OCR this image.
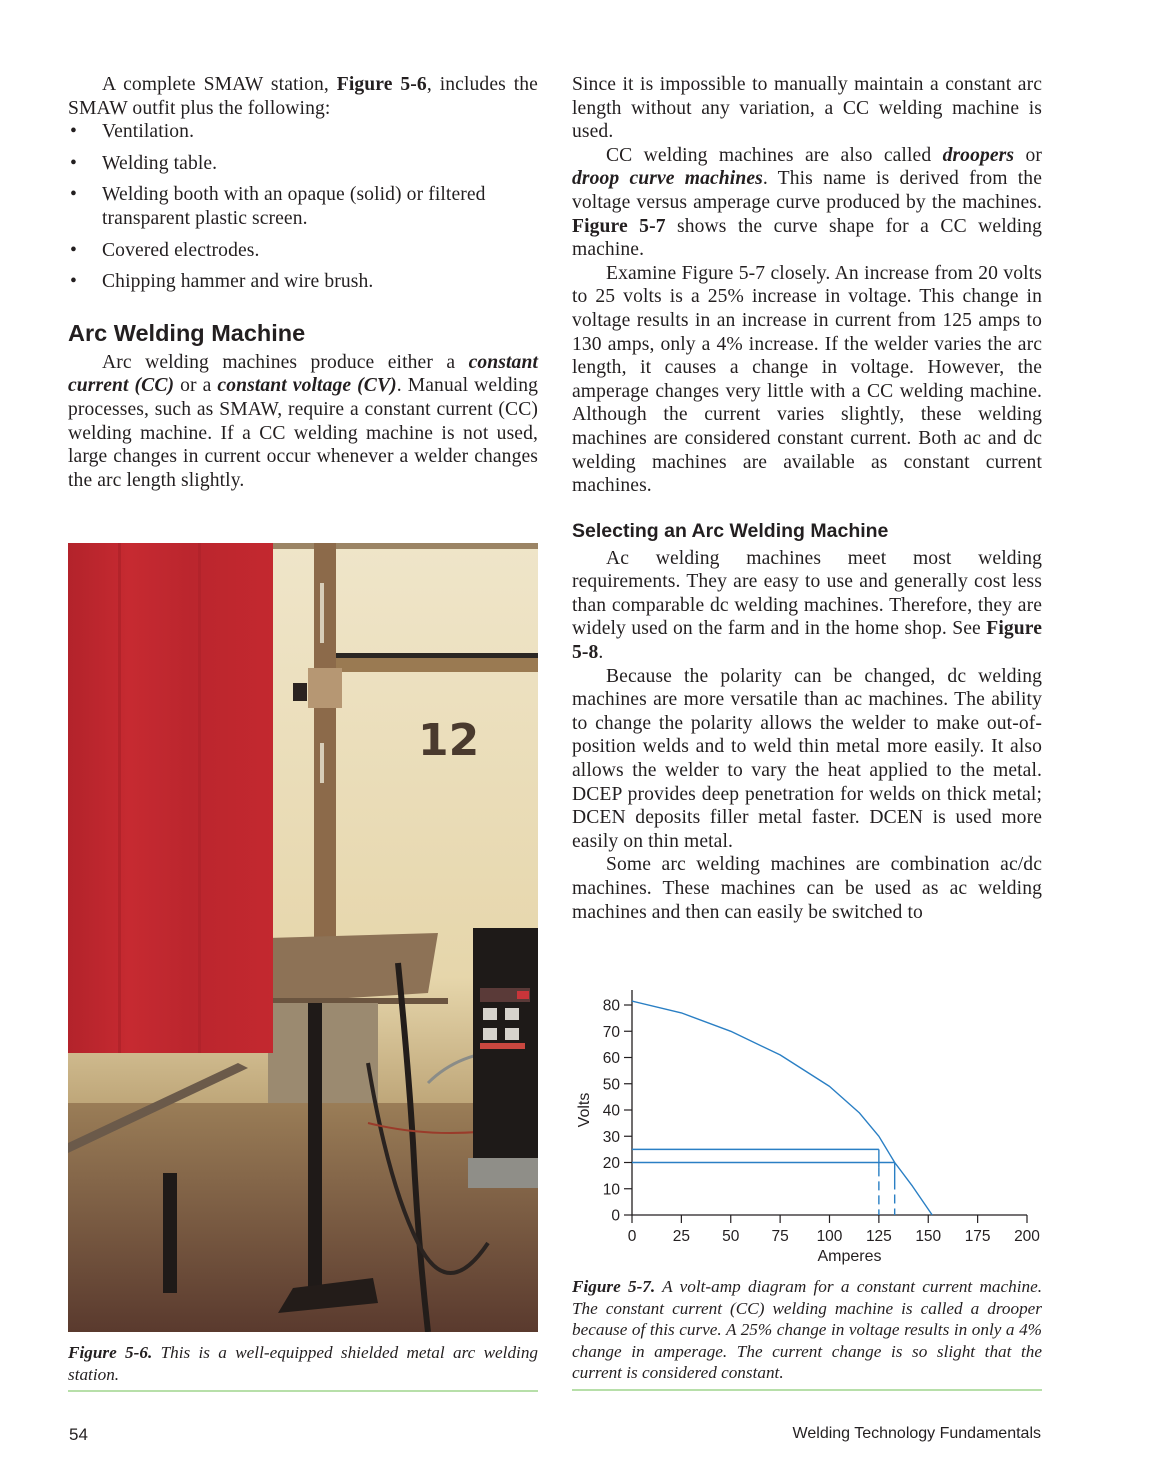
A complete SMAW station, Figure 5-6, includes the SMAW outfit plus the following:

• Ventilation.
• Welding table.
• Welding booth with an opaque (solid) or filtered transparent plastic screen.
• Covered electrodes.
• Chipping hammer and wire brush.
Arc Welding Machine

Arc welding machines produce either a constant current (CC) or a constant voltage (CV). Manual welding processes, such as SMAW, require a constant current (CC) welding machine. If a CC welding machine is not used, large changes in current occur whenever a welder changes the arc length slightly.

12
Figure 5-6. This is a well-equipped shielded metal arc welding station.

Since it is impossible to manually maintain a constant arc length without any variation, a CC welding machine is used.

CC welding machines are also called droopers or droop curve machines. This name is derived from the voltage versus amperage curve produced by the machines. Figure 5-7 shows the curve shape for a CC welding machine.

Examine Figure 5-7 closely. An increase from 20 volts to 25 volts is a 25% increase in voltage. This change in voltage results in an increase in current from 125 amps to 130 amps, only a 4% increase. If the welder varies the arc length, it causes a change in voltage. However, the amperage changes very little with a CC welding machine. Although the current varies slightly, these welding machines are considered constant current. Both ac and dc welding machines are available as constant current machines.

Selecting an Arc Welding Machine

Ac welding machines meet most welding requirements. They are easy to use and generally cost less than comparable dc welding machines. Therefore, they are widely used on the farm and in the home shop. See Figure 5-8.

Because the polarity can be changed, dc welding machines are more versatile than ac machines. The ability to change the polarity allows the welder to make out-of-position welds and to weld thin metal more easily. It also allows the welder to vary the heat applied to the metal. DCEP provides deep penetration for welds on thick metal; DCEN deposits filler metal faster. DCEN is used more easily on thin metal.

Some arc welding machines are combination ac/dc machines. These machines can be used as ac welding machines and then can easily be switched to

0
10
20
30
40
50
60
70
80
0 25 50 75 100 125 150 175 200
Amperes
Volts
Figure 5-7. A volt-amp diagram for a constant current machine. The constant current (CC) welding machine is called a drooper because of this curve. A 25% change in voltage results in only a 4% change in amperage. The current change is so slight that the current is considered constant.
54	Welding Technology Fundamentals
